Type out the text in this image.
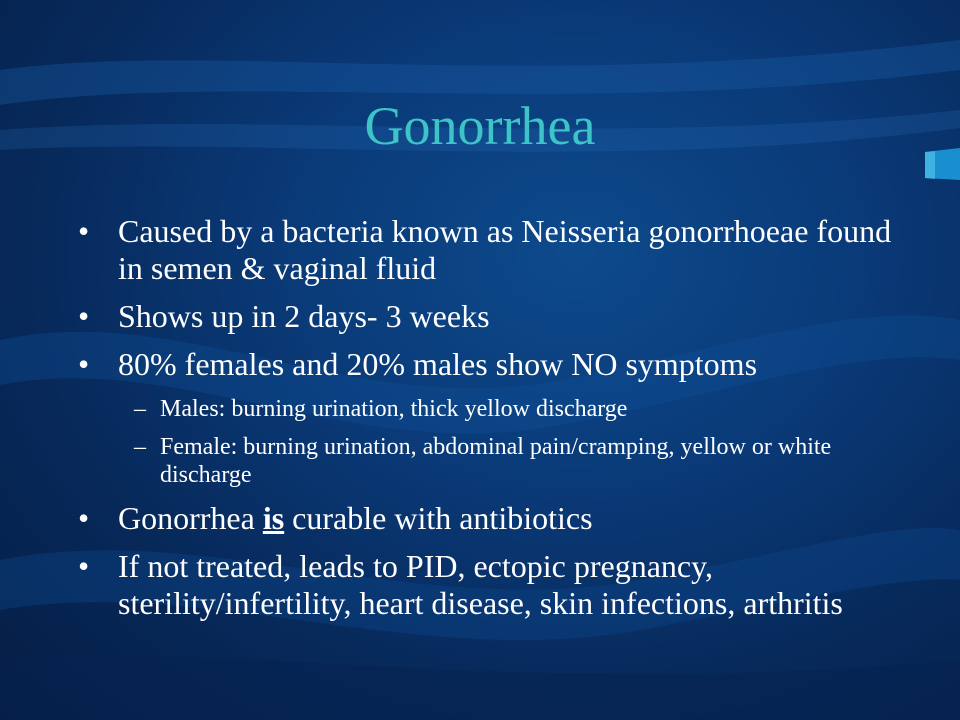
Gonorrhea
• Caused by a bacteria known as Neisseria gonorrhoeae found in semen & vaginal fluid
• Shows up in 2 days- 3 weeks
• 80% females and 20% males show NO symptoms
– Males: burning urination, thick yellow discharge
– Female: burning urination, abdominal pain/cramping, yellow or white discharge
• Gonorrhea is curable with antibiotics
• If not treated, leads to PID, ectopic pregnancy, sterility/infertility, heart disease, skin infections, arthritis
